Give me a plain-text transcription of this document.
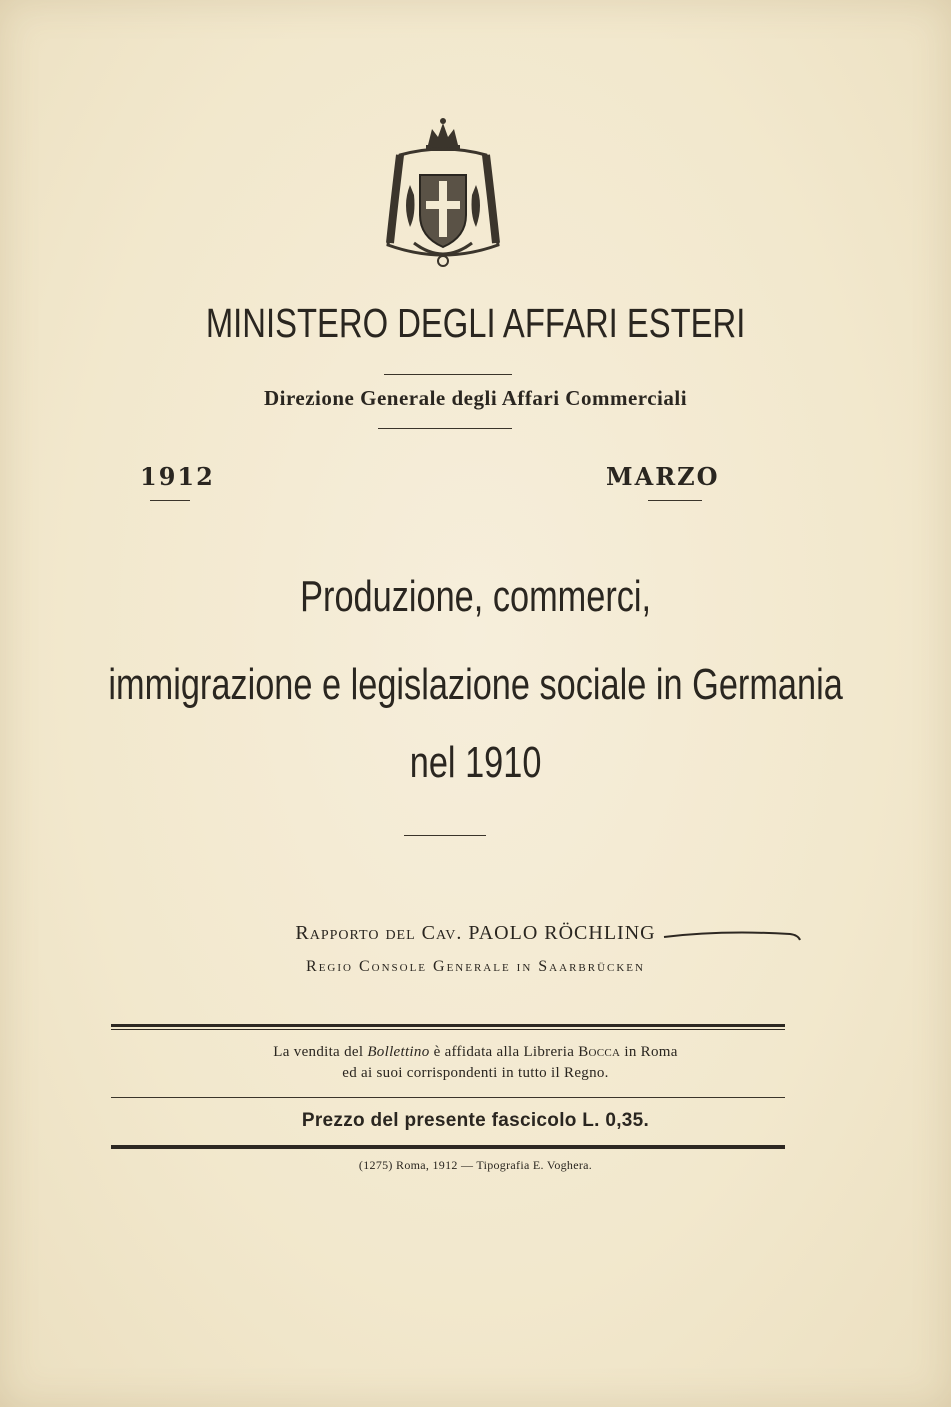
MINISTERO DEGLI AFFARI ESTERI
Direzione Generale degli Affari Commerciali
1912	MARZO
Produzione, commerci,
immigrazione e legislazione sociale in Germania
nel 1910
Rapporto del Cav. PAOLO RÖCHLING
Regio Console Generale in Saarbrücken
La vendita del Bollettino è affidata alla Libreria Bocca in Roma
ed ai suoi corrispondenti in tutto il Regno.
Prezzo del presente fascicolo L. 0,35.
(1275) Roma, 1912 — Tipografia E. Voghera.
